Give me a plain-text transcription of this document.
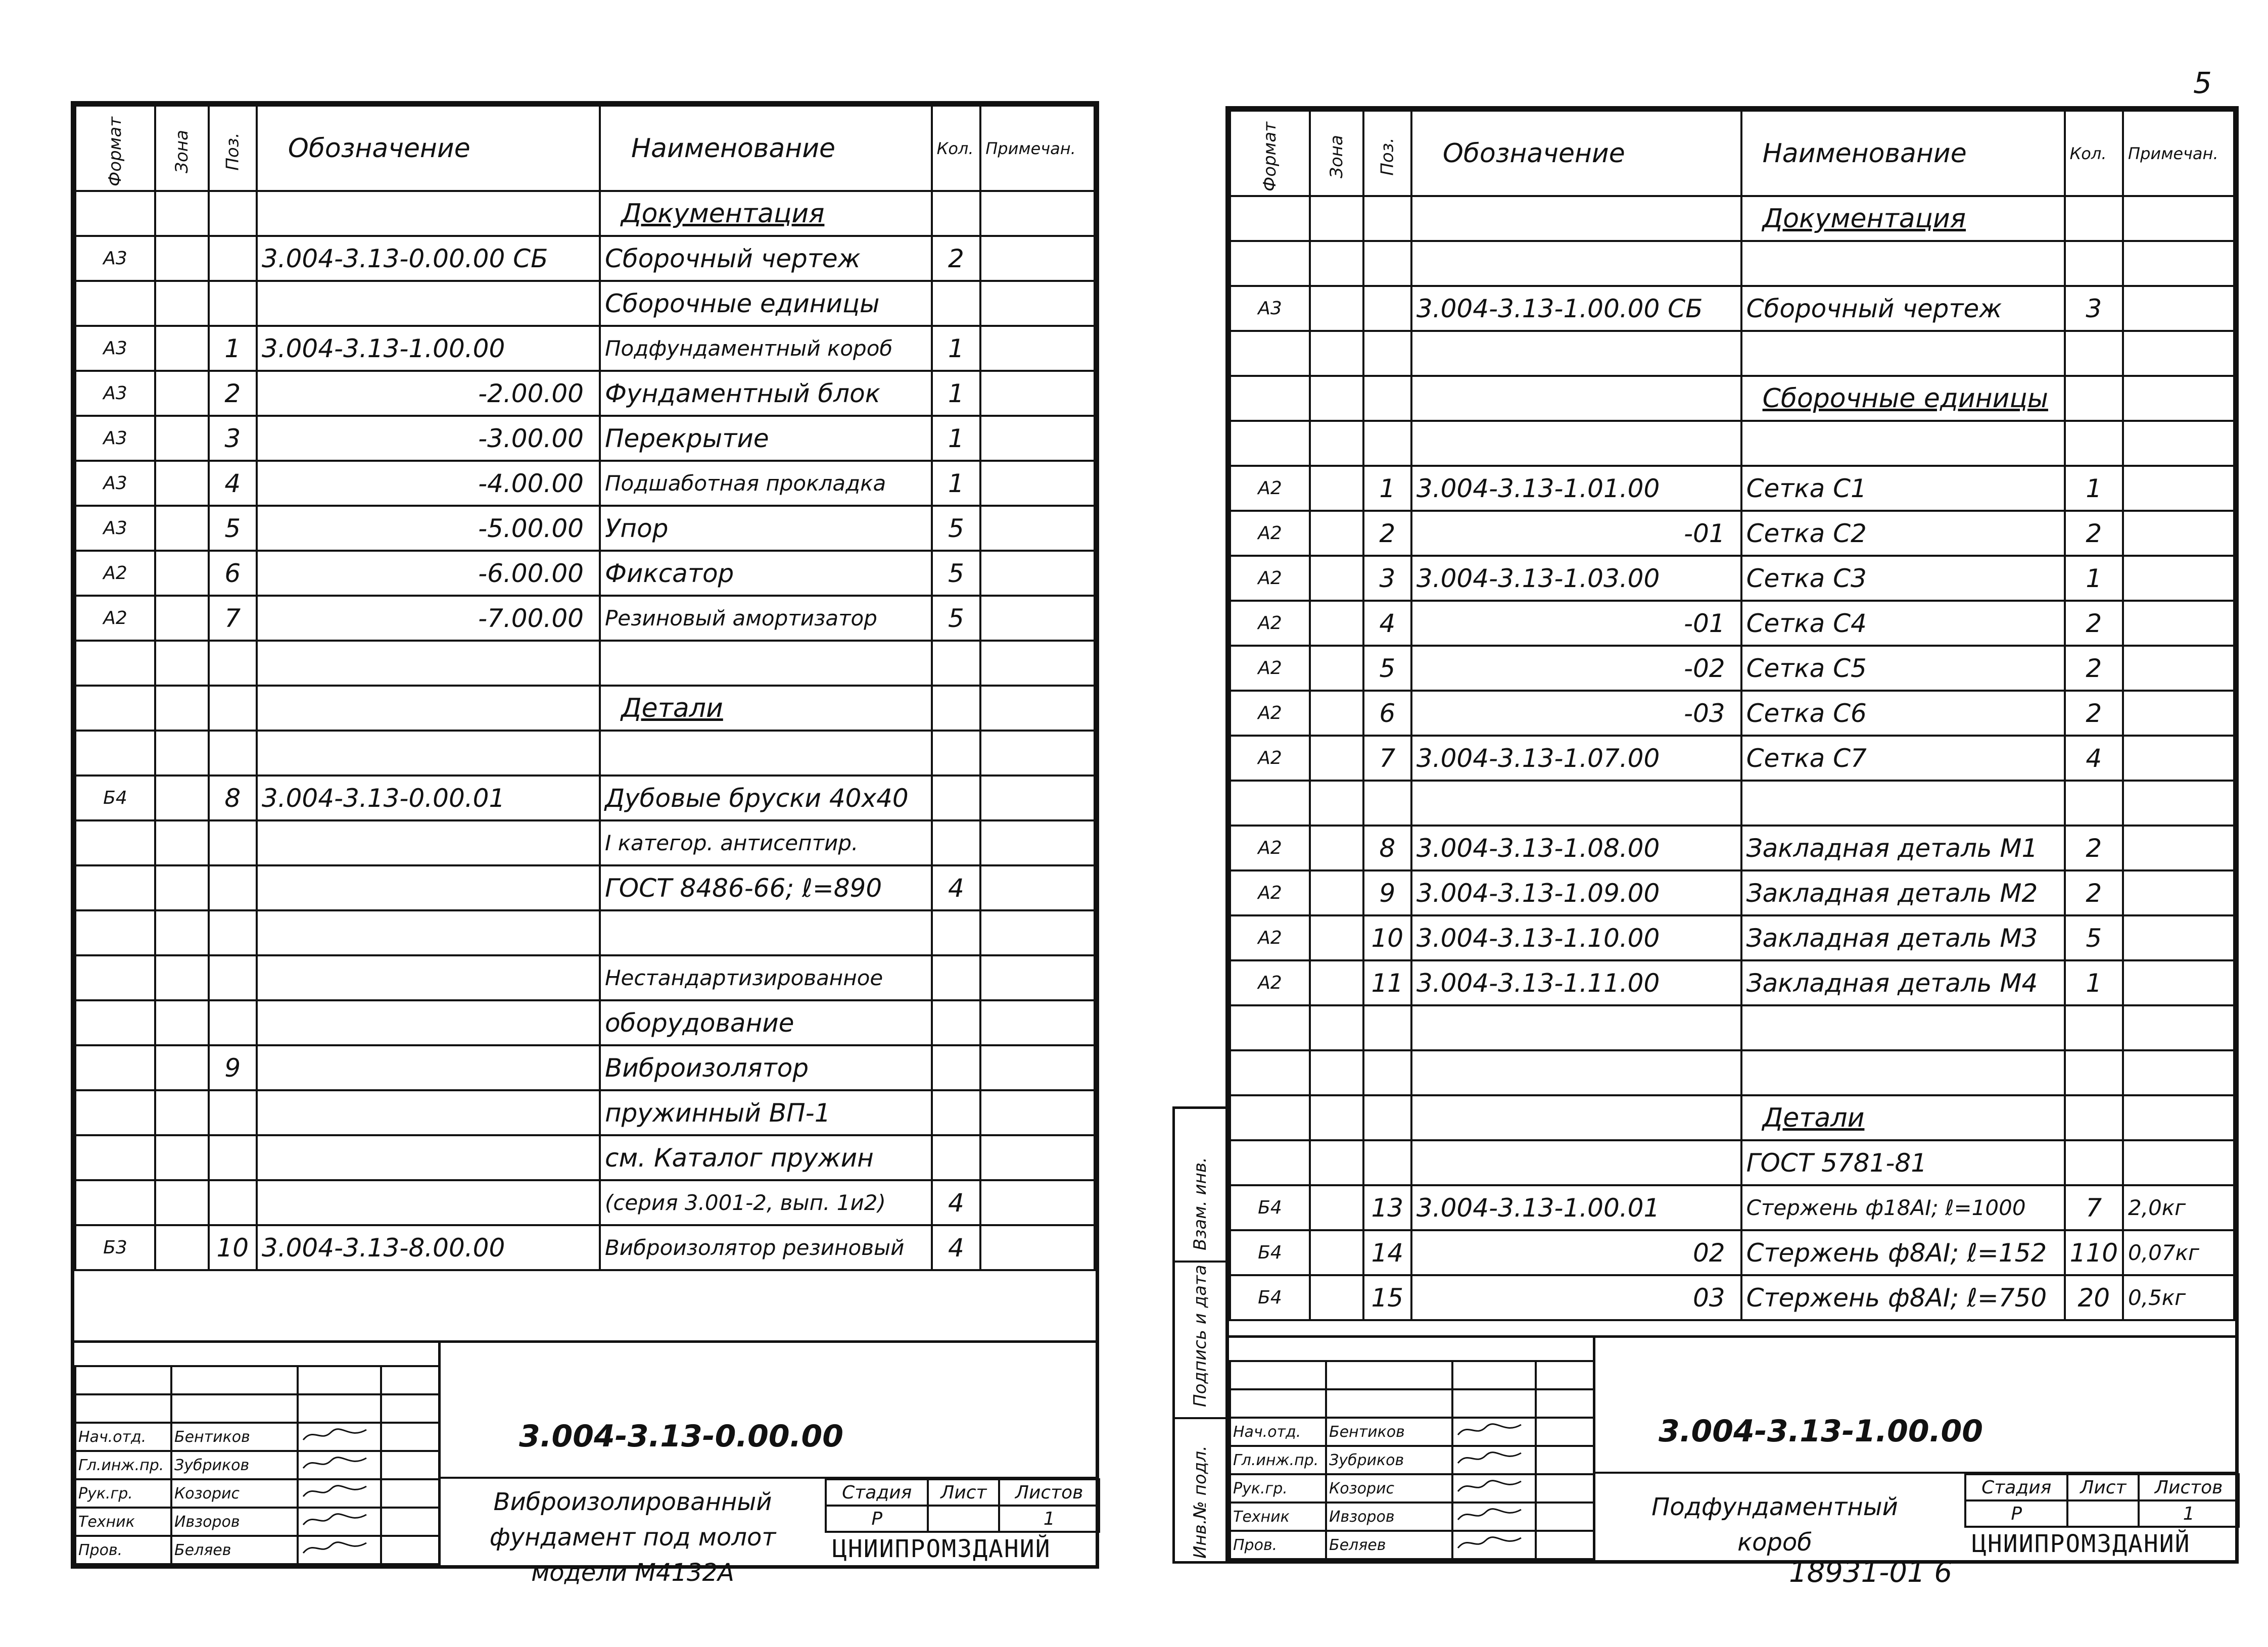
5
Формат	Зона	Поз.	Обозначение	Наименование	Кол.	Примечан.
				Документация		
А3			3.004-3.13-0.00.00 СБ	Сборочный чертеж	2	
				Сборочные единицы		
А3		1	3.004-3.13-1.00.00	Подфундаментный короб	1	
А3		2	-2.00.00	Фундаментный блок	1	
А3		3	-3.00.00	Перекрытие	1	
А3		4	-4.00.00	Подшаботная прокладка	1	
А3		5	-5.00.00	Упор	5	
А2		6	-6.00.00	Фиксатор	5	
А2		7	-7.00.00	Резиновый амортизатор	5	

				Детали		

Б4		8	3.004-3.13-0.00.01	Дубовые бруски 40х40		
				I категор. антисептир.		
				ГОСТ 8486-66; ℓ=890	4	

				Нестандартизированное		
				оборудование		
		9		Виброизолятор		
				пружинный ВП-1		
				см. Каталог пружин		
				(серия 3.001-2, вып. 1и2)	4	
Б3		10	3.004-3.13-8.00.00	Виброизолятор резиновый	4	

Нач.отд.	Бентиков		
Гл.инж.пр.	Зубриков		
Рук.гр.	Козорис		
Техник	Ивзоров		
Пров.	Беляев		
3.004-3.13-0.00.00
Виброизолированный
фундамент под молот
модели М4132А
Стадия	Лист	Листов
Р		1
ЦНИИПРОМЗДАНИЙ
Формат	Зона	Поз.	Обозначение	Наименование	Кол.	Примечан.
				Документация		

А3			3.004-3.13-1.00.00 СБ	Сборочный чертеж	3	

				Сборочные единицы		

А2		1	3.004-3.13-1.01.00	Сетка С1	1	
А2		2	-01	Сетка С2	2	
А2		3	3.004-3.13-1.03.00	Сетка С3	1	
А2		4	-01	Сетка С4	2	
А2		5	-02	Сетка С5	2	
А2		6	-03	Сетка С6	2	
А2		7	3.004-3.13-1.07.00	Сетка С7	4	

А2		8	3.004-3.13-1.08.00	Закладная деталь М1	2	
А2		9	3.004-3.13-1.09.00	Закладная деталь М2	2	
А2		10	3.004-3.13-1.10.00	Закладная деталь М3	5	
А2		11	3.004-3.13-1.11.00	Закладная деталь М4	1	

				Детали		
				ГОСТ 5781-81		
Б4		13	3.004-3.13-1.00.01	Стержень ф18АI; ℓ=1000	7	2,0кг
Б4		14	02	Стержень ф8АI; ℓ=152	110	0,07кг
Б4		15	03	Стержень ф8АI; ℓ=750	20	0,5кг

Нач.отд.	Бентиков		
Гл.инж.пр.	Зубриков		
Рук.гр.	Козорис		
Техник	Ивзоров		
Пров.	Беляев		
3.004-3.13-1.00.00
Подфундаментный
короб
Стадия	Лист	Листов
Р		1
ЦНИИПРОМЗДАНИЙ
Взам. инв.
Подпись и дата
Инв.№ подл.
18931-01 6
